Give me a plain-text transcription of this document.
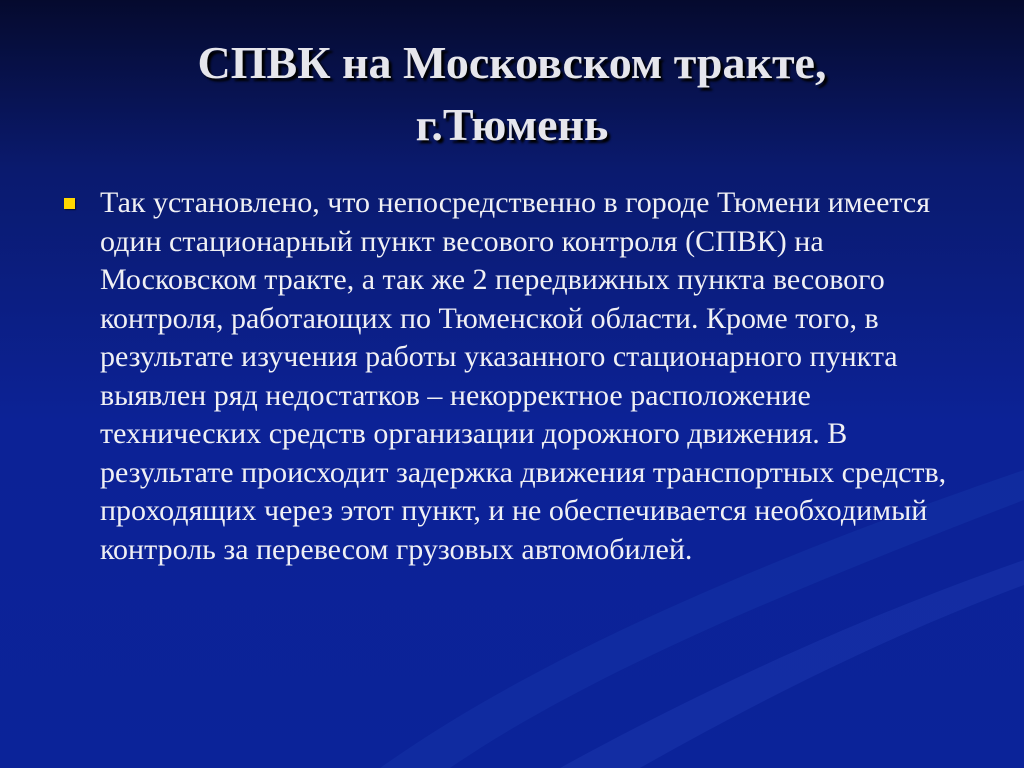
СПВК на Московском тракте,
г.Тюмень

Так установлено, что непосредственно в городе Тюмени имеется один стационарный пункт весового контроля (СПВК) на Московском тракте, а так же 2 передвижных пункта весового контроля, работающих по Тюменской области. Кроме того, в результате изучения работы указанного стационарного пункта выявлен ряд недостатков – некорректное расположение технических средств организации дорожного движения. В результате происходит задержка движения транспортных средств, проходящих через этот пункт, и не обеспечивается необходимый контроль за перевесом грузовых автомобилей.
